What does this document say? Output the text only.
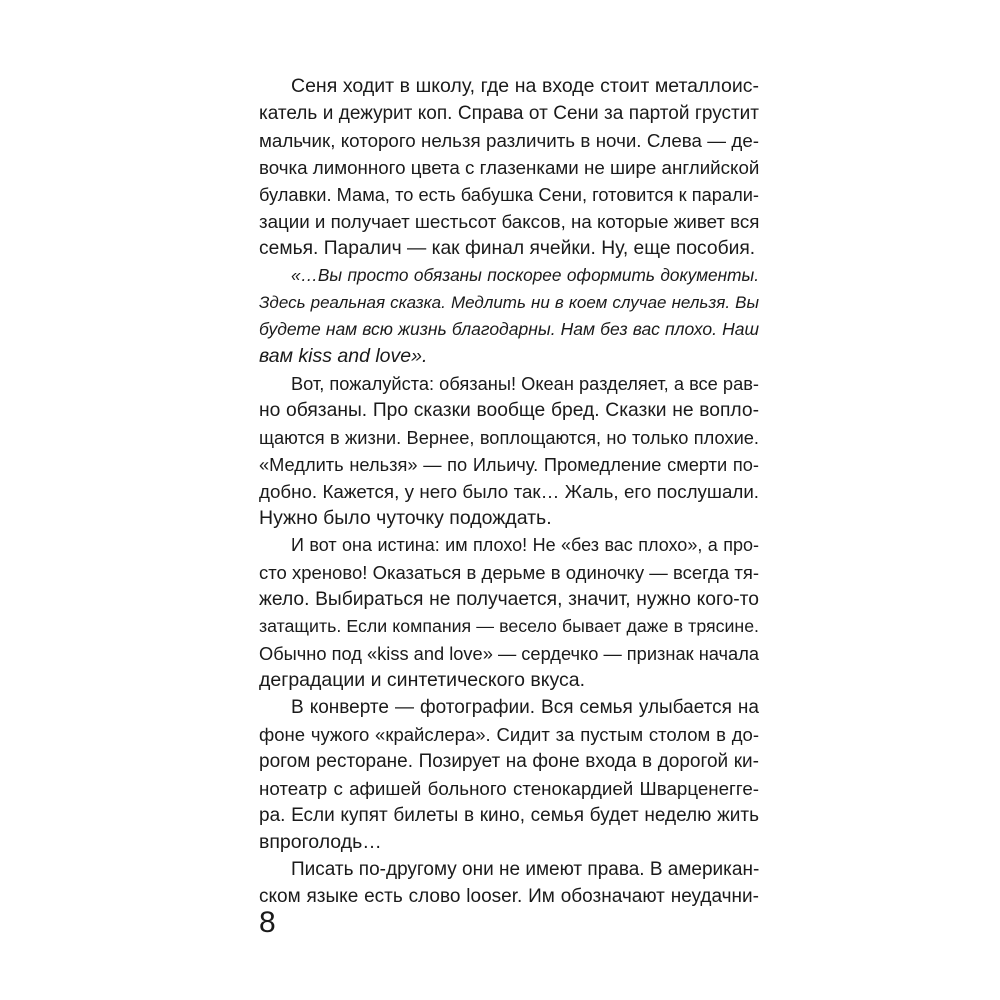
Сеня ходит в школу, где на входе стоит металлоис-
катель и дежурит коп. Справа от Сени за партой грустит
мальчик, которого нельзя различить в ночи. Слева — де-
вочка лимонного цвета с глазенками не шире английской
булавки. Мама, то есть бабушка Сени, готовится к парали-
зации и получает шестьсот баксов, на которые живет вся
семья. Паралич — как финал ячейки. Ну, еще пособия.
«…Вы просто обязаны поскорее оформить документы.
Здесь реальная сказка. Медлить ни в коем случае нельзя. Вы
будете нам всю жизнь благодарны. Нам без вас плохо. Наш
вам kiss and love».
Вот, пожалуйста: обязаны! Океан разделяет, а все рав-
но обязаны. Про сказки вообще бред. Сказки не вопло-
щаются в жизни. Вернее, воплощаются, но только плохие.
«Медлить нельзя» — по Ильичу. Промедление смерти по-
добно. Кажется, у него было так… Жаль, его послушали.
Нужно было чуточку подождать.
И вот она истина: им плохо! Не «без вас плохо», а про-
сто хреново! Оказаться в дерьме в одиночку — всегда тя-
жело. Выбираться не получается, значит, нужно кого-то
затащить. Если компания — весело бывает даже в трясине.
Обычно под «kiss and love» — сердечко — признак начала
деградации и синтетического вкуса.
В конверте — фотографии. Вся семья улыбается на
фоне чужого «крайслера». Сидит за пустым столом в до-
рогом ресторане. Позирует на фоне входа в дорогой ки-
нотеатр с афишей больного стенокардией Шварценегге-
ра. Если купят билеты в кино, семья будет неделю жить
впроголодь…
Писать по-другому они не имеют права. В американ-
ском языке есть слово looser. Им обозначают неудачни-
8
